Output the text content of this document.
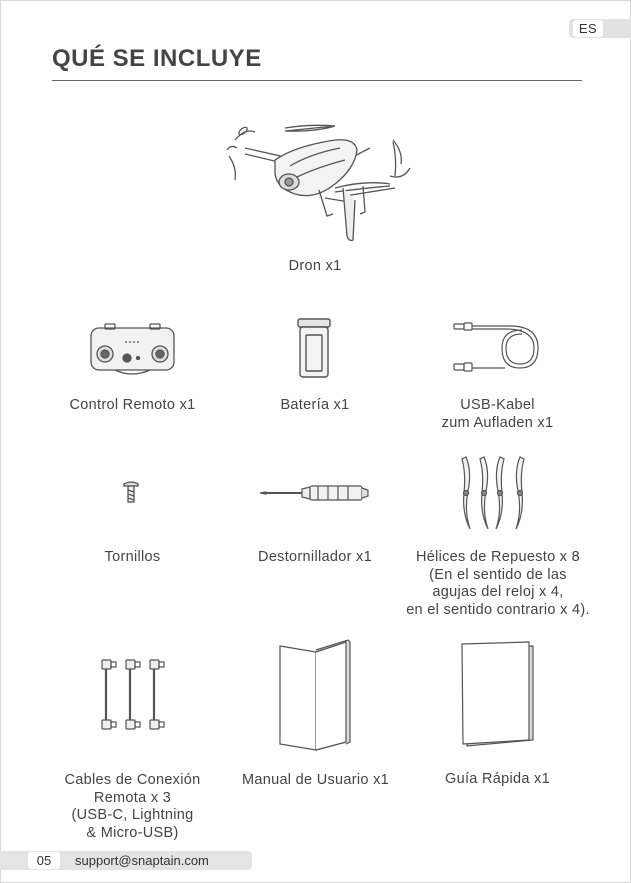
ES
QUÉ SE INCLUYE
Dron x1
Control Remoto x1	Batería x1	USB-Kabel
zum Aufladen x1
Tornillos	Destornillador x1	Hélices de Repuesto x 8
(En el sentido de las
agujas del reloj x 4,
en el sentido contrario x 4).
Cables de Conexión
Remota x 3
(USB-C, Lightning
& Micro-USB)
Manual de Usuario x1	Guía Rápida x1
05	support@snaptain.com
